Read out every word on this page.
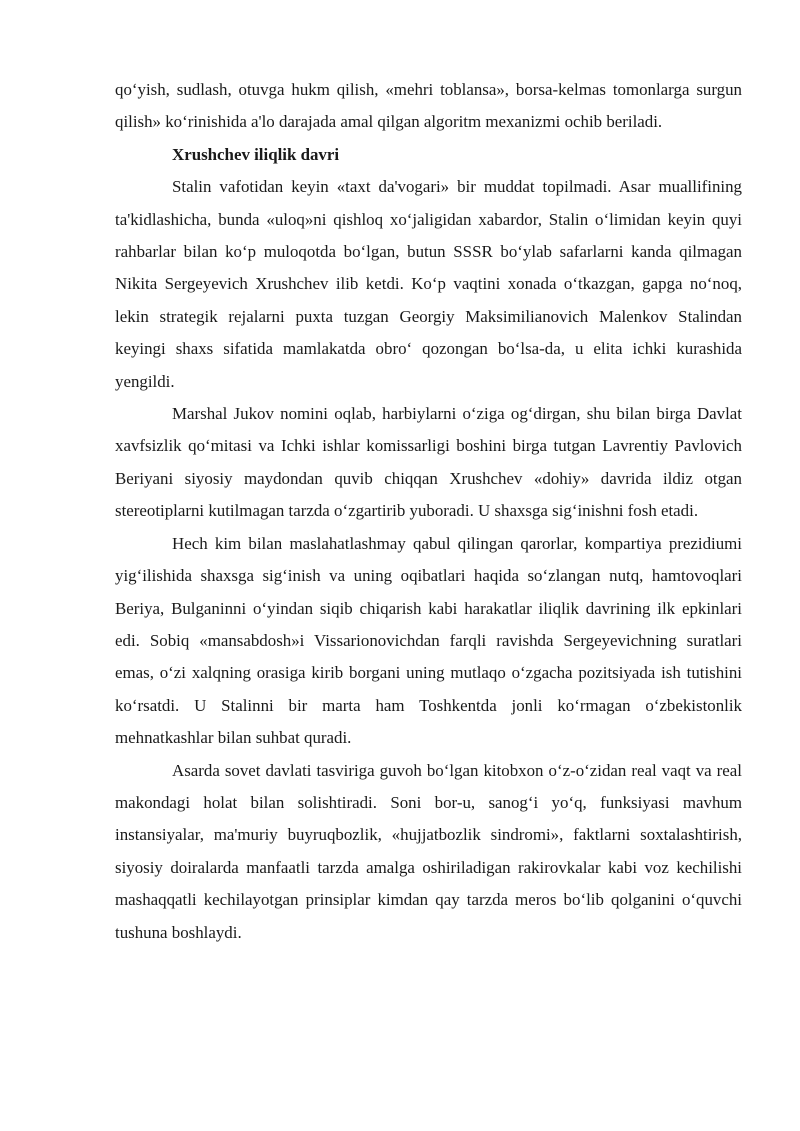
qo‘yish, sudlash, otuvga hukm qilish, «mehri toblansa», borsa-kelmas tomonlarga surgun qilish» ko‘rinishida a'lo darajada amal qilgan algoritm mexanizmi ochib beriladi.

Xrushchev iliqlik davri

Stalin vafotidan keyin «taxt da'vogari» bir muddat topilmadi. Asar muallifining ta'kidlashicha, bunda «uloq»ni qishloq xo‘jaligidan xabardor, Stalin o‘limidan keyin quyi rahbarlar bilan ko‘p muloqotda bo‘lgan, butun SSSR bo‘ylab safarlarni kanda qilmagan Nikita Sergeyevich Xrushchev ilib ketdi. Ko‘p vaqtini xonada o‘tkazgan, gapga no‘noq, lekin strategik rejalarni puxta tuzgan Georgiy Maksimilianovich Malenkov Stalindan keyingi shaxs sifatida mamlakatda obro‘ qozongan bo‘lsa-da, u elita ichki kurashida yengildi.

Marshal Jukov nomini oqlab, harbiylarni o‘ziga og‘dirgan, shu bilan birga Davlat xavfsizlik qo‘mitasi va Ichki ishlar komissarligi boshini birga tutgan Lavrentiy Pavlovich Beriyani siyosiy maydondan quvib chiqqan Xrushchev «dohiy» davrida ildiz otgan stereotiplarni kutilmagan tarzda o‘zgartirib yuboradi. U shaxsga sig‘inishni fosh etadi.

Hech kim bilan maslahatlashmay qabul qilingan qarorlar, kompartiya prezidiumi yig‘ilishida shaxsga sig‘inish va uning oqibatlari haqida so‘zlangan nutq, hamtovoqlari Beriya, Bulganinni o‘yindan siqib chiqarish kabi harakatlar iliqlik davrining ilk epkinlari edi. Sobiq «mansabdosh»i Vissarionovichdan farqli ravishda Sergeyevichning suratlari emas, o‘zi xalqning orasiga kirib borgani uning mutlaqo o‘zgacha pozitsiyada ish tutishini ko‘rsatdi. U Stalinni bir marta ham Toshkentda jonli ko‘rmagan o‘zbekistonlik mehnatkashlar bilan suhbat quradi.

Asarda sovet davlati tasviriga guvoh bo‘lgan kitobxon o‘z-o‘zidan real vaqt va real makondagi holat bilan solishtiradi. Soni bor-u, sanog‘i yo‘q, funksiyasi mavhum instansiyalar, ma'muriy buyruqbozlik, «hujjatbozlik sindromi», faktlarni soxtalashtirish, siyosiy doiralarda manfaatli tarzda amalga oshiriladigan rakirovkalar kabi voz kechilishi mashaqqatli kechilayotgan prinsiplar kimdan qay tarzda meros bo‘lib qolganini o‘quvchi tushuna boshlaydi.
